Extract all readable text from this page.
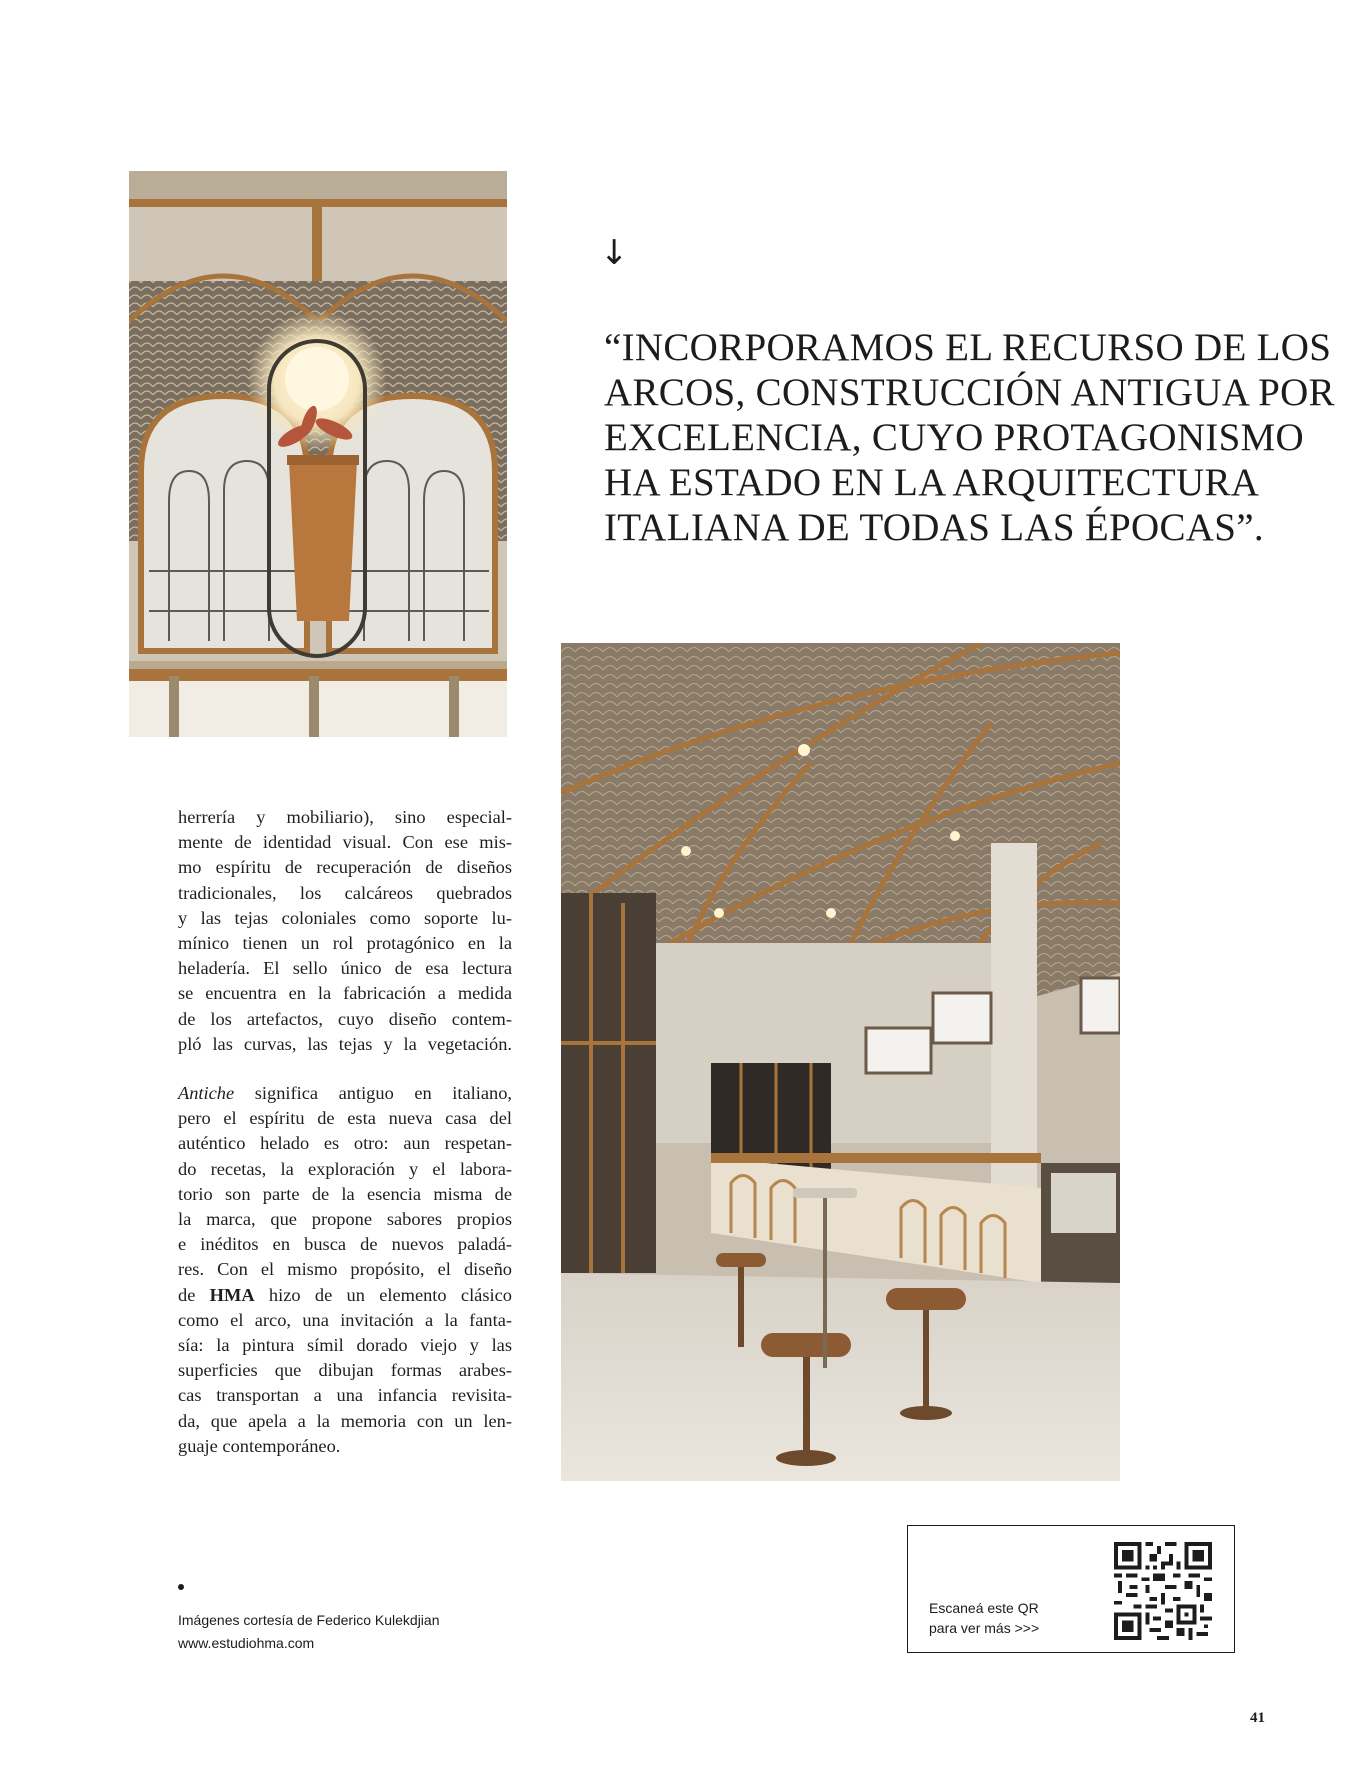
↓
“INCORPORAMOS EL RECURSO DE LOS
ARCOS, CONSTRUCCIÓN ANTIGUA POR
EXCELENCIA, CUYO PROTAGONISMO
HA ESTADO EN LA ARQUITECTURA
ITALIANA DE TODAS LAS ÉPOCAS”.
herrería y mobiliario), sino especial-
mente de identidad visual. Con ese mis-
mo espíritu de recuperación de diseños
tradicionales, los calcáreos quebrados
y las tejas coloniales como soporte lu-
mínico tienen un rol protagónico en la
heladería. El sello único de esa lectura
se encuentra en la fabricación a medida
de los artefactos, cuyo diseño contem-
pló las curvas, las tejas y la vegetación.
Antiche significa antiguo en italiano,
pero el espíritu de esta nueva casa del
auténtico helado es otro: aun respetan-
do recetas, la exploración y el labora-
torio son parte de la esencia misma de
la marca, que propone sabores propios
e inéditos en busca de nuevos paladá-
res. Con el mismo propósito, el diseño
de HMA hizo de un elemento clásico
como el arco, una invitación a la fanta-
sía: la pintura símil dorado viejo y las
superficies que dibujan formas arabes-
cas transportan a una infancia revisita-
da, que apela a la memoria con un len-
guaje contemporáneo.
Imágenes cortesía de Federico Kulekdjian
www.estudiohma.com
Escaneá este QR
para ver más >>>
41
